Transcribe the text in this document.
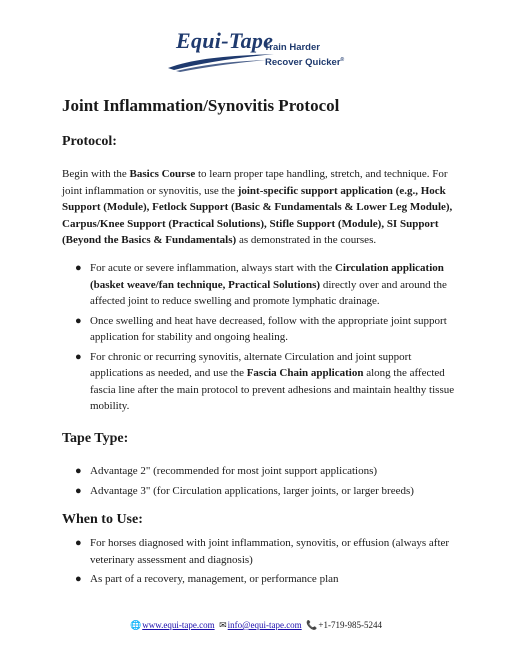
Equi-Tape
Train Harder
Recover Quicker®
Joint Inflammation/Synovitis Protocol
Protocol:

Begin with the Basics Course to learn proper tape handling, stretch, and technique. For joint inflammation or synovitis, use the joint-specific support application (e.g., Hock Support (Module), Fetlock Support (Basic & Fundamentals & Lower Leg Module), Carpus/Knee Support (Practical Solutions), Stifle Support (Module), SI Support (Beyond the Basics & Fundamentals) as demonstrated in the courses.

● For acute or severe inflammation, always start with the Circulation application (basket weave/fan technique, Practical Solutions) directly over and around the affected joint to reduce swelling and promote lymphatic drainage.
● Once swelling and heat have decreased, follow with the appropriate joint support application for stability and ongoing healing.
● For chronic or recurring synovitis, alternate Circulation and joint support applications as needed, and use the Fascia Chain application along the affected fascia line after the main protocol to prevent adhesions and maintain healthy tissue mobility.
Tape Type:
● Advantage 2" (recommended for most joint support applications)
● Advantage 3" (for Circulation applications, larger joints, or larger breeds)
When to Use:
● For horses diagnosed with joint inflammation, synovitis, or effusion (always after veterinary assessment and diagnosis)
● As part of a recovery, management, or performance plan
🌐www.equi-tape.com ✉info@equi-tape.com 📞+1-719-985-5244
